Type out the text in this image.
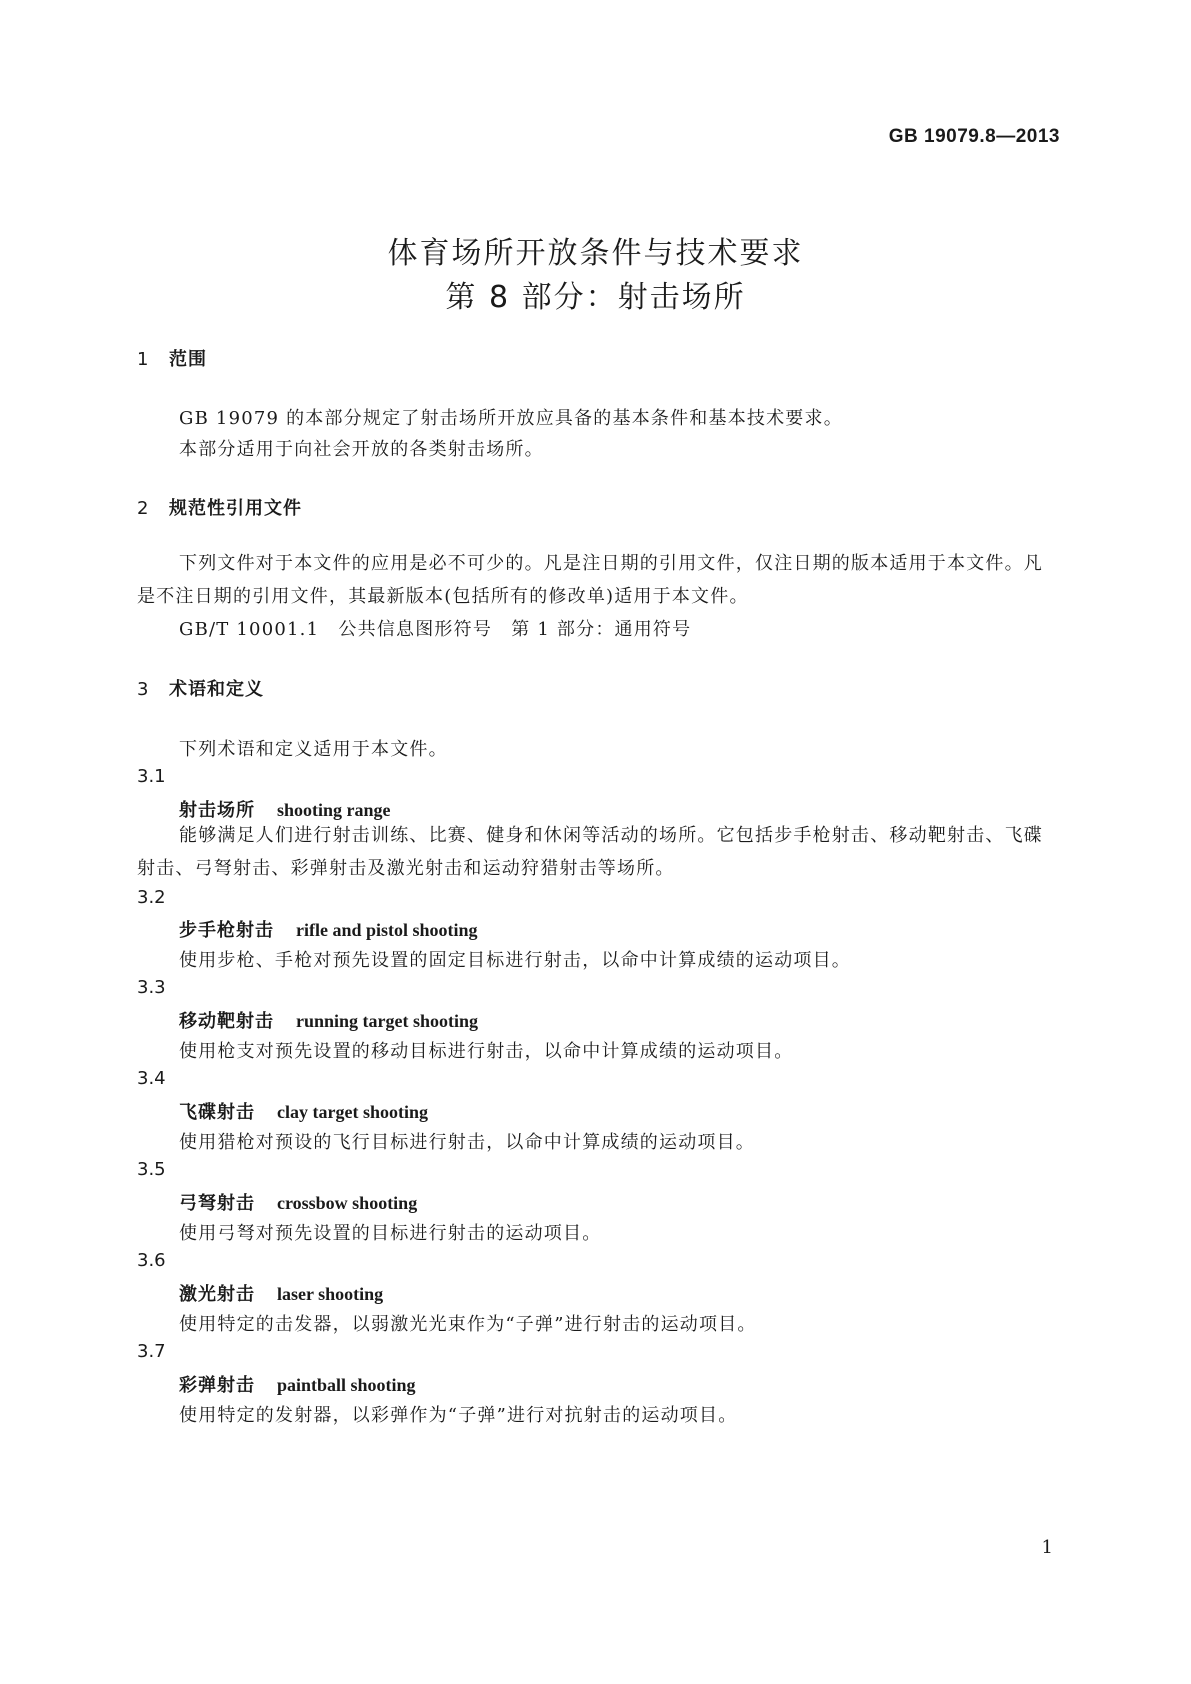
GB 19079.8—2013

体育场所开放条件与技术要求
第 8 部分：射击场所
1 范围

GB 19079 的本部分规定了射击场所开放应具备的基本条件和基本技术要求。

本部分适用于向社会开放的各类射击场所。

2 规范性引用文件

下列文件对于本文件的应用是必不可少的。凡是注日期的引用文件，仅注日期的版本适用于本文件。凡是不注日期的引用文件，其最新版本(包括所有的修改单)适用于本文件。

GB/T 10001.1　公共信息图形符号　第 1 部分：通用符号

3 术语和定义

下列术语和定义适用于本文件。

3.1

射击场所 shooting range

能够满足人们进行射击训练、比赛、健身和休闲等活动的场所。它包括步手枪射击、移动靶射击、飞碟射击、弓弩射击、彩弹射击及激光射击和运动狩猎射击等场所。

3.2

步手枪射击 rifle and pistol shooting

使用步枪、手枪对预先设置的固定目标进行射击，以命中计算成绩的运动项目。

3.3

移动靶射击 running target shooting

使用枪支对预先设置的移动目标进行射击，以命中计算成绩的运动项目。

3.4

飞碟射击 clay target shooting

使用猎枪对预设的飞行目标进行射击，以命中计算成绩的运动项目。

3.5

弓弩射击 crossbow shooting

使用弓弩对预先设置的目标进行射击的运动项目。

3.6

激光射击 laser shooting

使用特定的击发器，以弱激光光束作为“子弹”进行射击的运动项目。

3.7

彩弹射击 paintball shooting

使用特定的发射器，以彩弹作为“子弹”进行对抗射击的运动项目。

1
